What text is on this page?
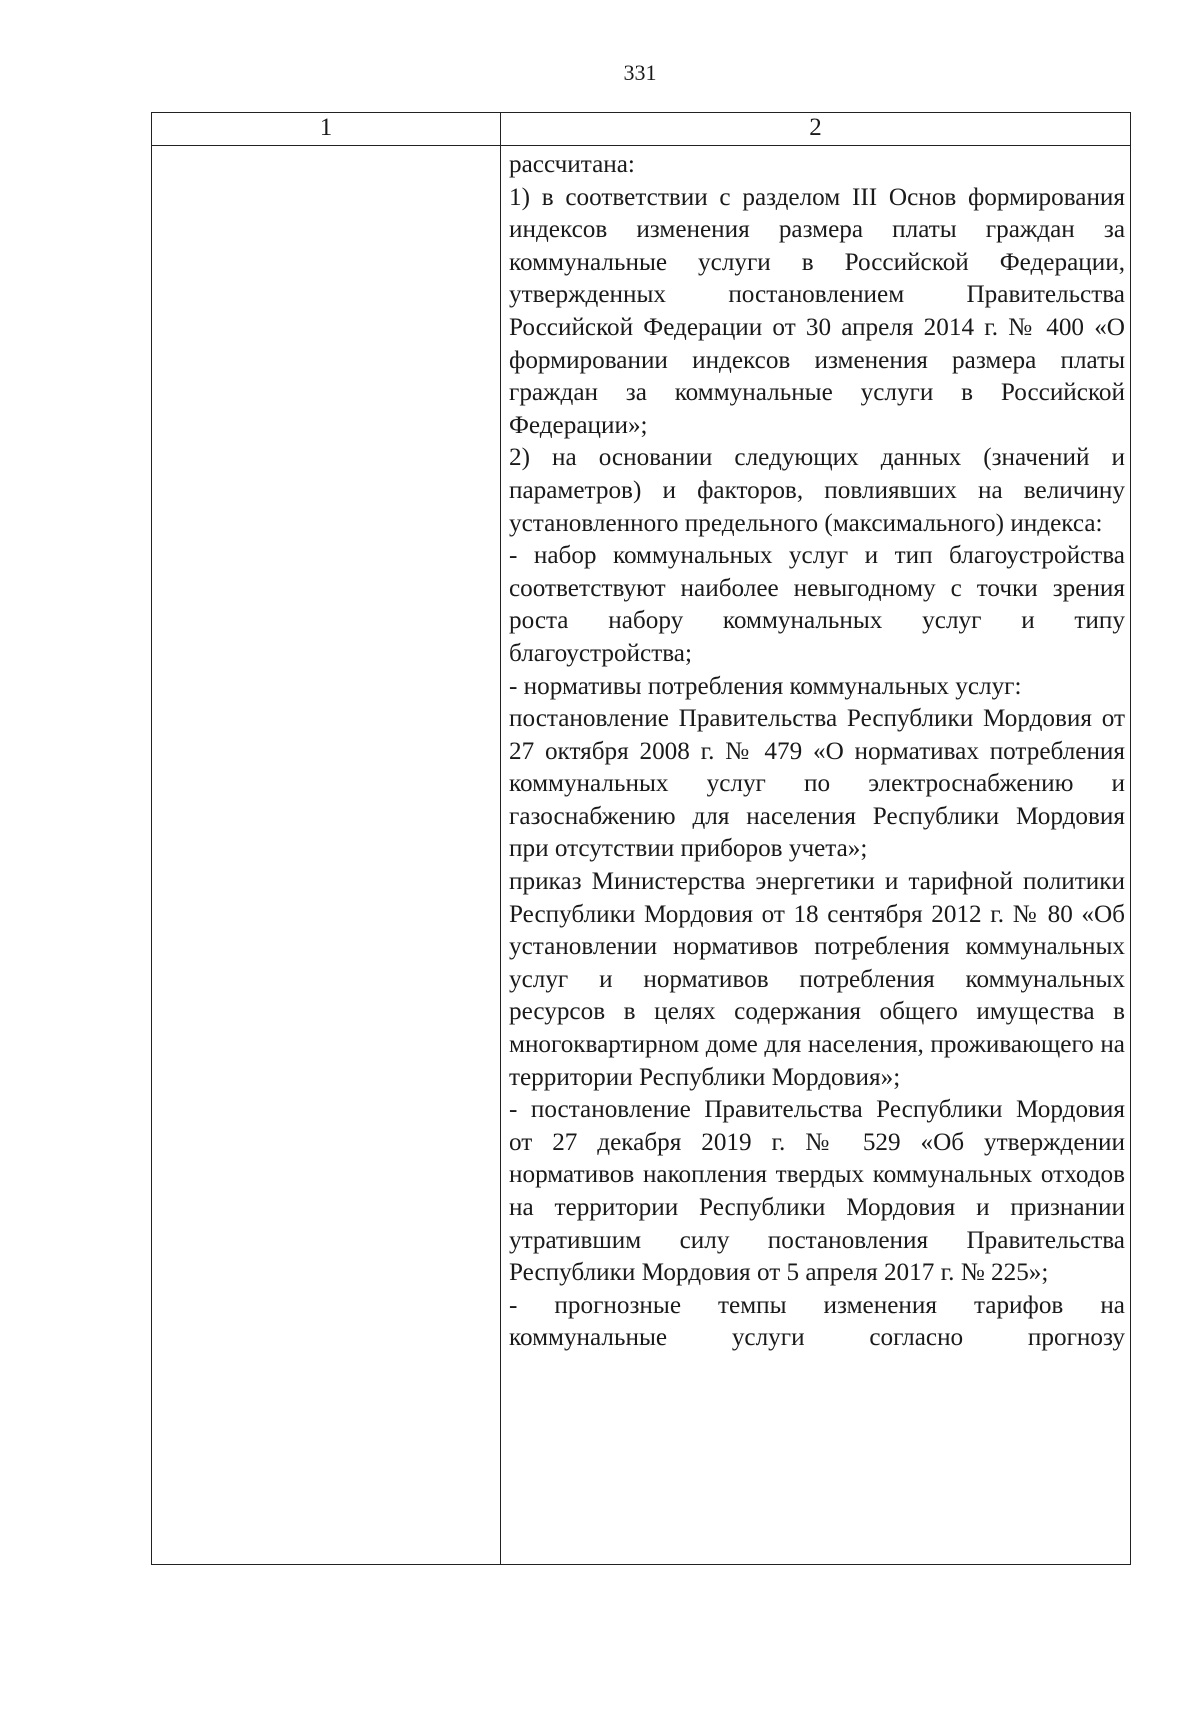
331
1	2

рассчитана:

1) в соответствии с разделом III Основ формирования индексов изменения размера платы граждан за коммунальные услуги в Российской Федерации, утвержденных постановлением Правительства Российской Федерации от 30 апреля 2014 г. № 400 «О формировании индексов изменения размера платы граждан за коммунальные услуги в Российской Федерации»;

2) на основании следующих данных (значений и параметров) и факторов, повлиявших на величину установленного предельного (максимального) индекса:

- набор коммунальных услуг и тип благоустройства соответствуют наиболее невыгодному с точки зрения роста набору коммунальных услуг и типу благоустройства;

- нормативы потребления коммунальных услуг:

постановление Правительства Республики Мордовия от 27 октября 2008 г. № 479 «О нормативах потребления коммунальных услуг по электроснабжению и газоснабжению для населения Республики Мордовия при отсутствии приборов учета»;

приказ Министерства энергетики и тарифной политики Республики Мордовия от 18 сентября 2012 г. № 80 «Об установлении нормативов потребления коммунальных услуг и нормативов потребления коммунальных ресурсов в целях содержания общего имущества в многоквартирном доме для населения, проживающего на территории Республики Мордовия»;

- постановление Правительства Республики Мордовия от 27 декабря 2019 г. № 529 «Об утверждении нормативов накопления твердых коммунальных отходов на территории Республики Мордовия и признании утратившим силу постановления Правительства Республики Мордовия от 5 апреля 2017 г. № 225»;

- прогнозные темпы изменения тарифов на коммунальные услуги согласно прогнозу
